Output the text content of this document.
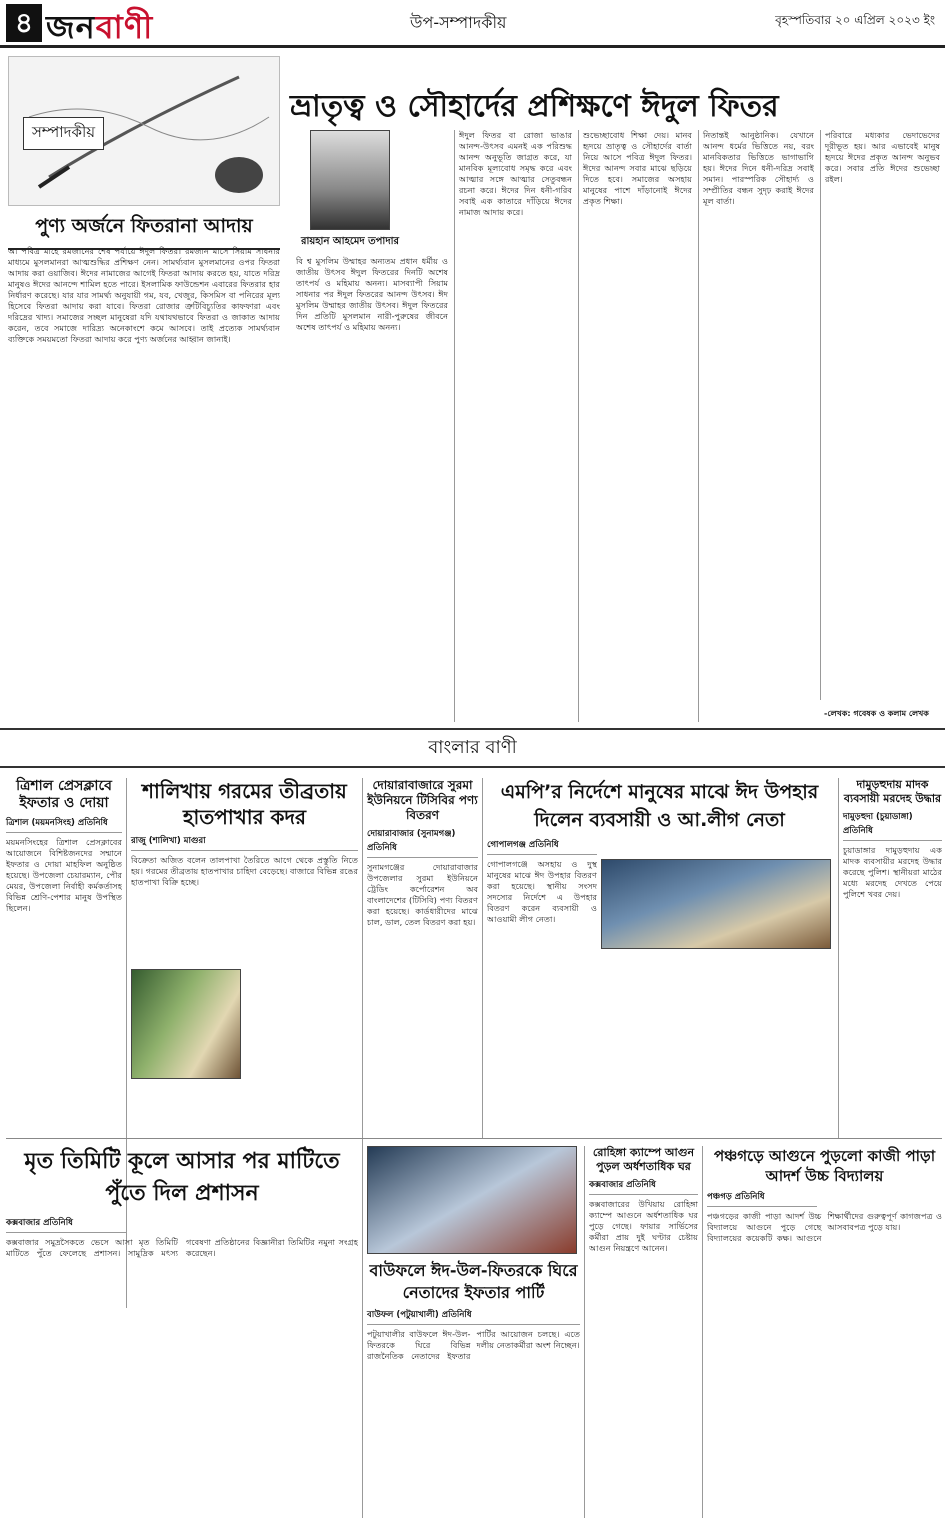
৪ জনবাণী	উপ-সম্পাদকীয়	বৃহস্পতিবার ২০ এপ্রিল ২০২৩ ইং
সম্পাদকীয়
পুণ্য অর্জনে ফিতরানা আদায়
আ পবিত্র মাহে রমজানের শেষ পর্যায়ে ঈদুল ফিতর। রমজান মাসে সিয়াম সাধনার মাধ্যমে মুসলমানরা আত্মশুদ্ধির প্রশিক্ষণ নেন। সামর্থ্যবান মুসলমানের ওপর ফিতরা আদায় করা ওয়াজিব। ঈদের নামাজের আগেই ফিতরা আদায় করতে হয়, যাতে দরিদ্র মানুষও ঈদের আনন্দে শামিল হতে পারে। ইসলামিক ফাউন্ডেশন এবারের ফিতরার হার নির্ধারণ করেছে। যার যার সামর্থ্য অনুযায়ী গম, যব, খেজুর, কিসমিস বা পনিরের মূল্য হিসেবে ফিতরা আদায় করা যাবে। ফিতরা রোজার ত্রুটিবিচ্যুতির কাফফারা এবং দরিদ্রের খাদ্য। সমাজের সচ্ছল মানুষেরা যদি যথাযথভাবে ফিতরা ও জাকাত আদায় করেন, তবে সমাজে দারিদ্র্য অনেকাংশে কমে আসবে। তাই প্রত্যেক সামর্থ্যবান ব্যক্তিকে সময়মতো ফিতরা আদায় করে পুণ্য অর্জনের আহ্বান জানাই।
ভ্রাতৃত্ব ও সৌহার্দের প্রশিক্ষণে ঈদুল ফিতর
রায়হান আহমেদ তপাদার
বি শ্ব মুসলিম উম্মাহর অন্যতম প্রধান ধর্মীয় ও জাতীয় উৎসব ঈদুল ফিতরের দিনটি অশেষ তাৎপর্য ও মহিমায় অনন্য। মাসব্যাপী সিয়াম সাধনার পর ঈদুল ফিতরের আনন্দ উৎসব। ঈদ মুসলিম উম্মাহর জাতীয় উৎসব। ঈদুল ফিতরের দিন প্রতিটি মুসলমান নারী-পুরুষের জীবনে অশেষ তাৎপর্য ও মহিমায় অনন্য।
ঈদুল ফিতর বা রোজা ভাঙার আনন্দ-উৎসব এমনই এক পরিশুদ্ধ আনন্দ অনুভূতি জাগ্রত করে, যা মানবিক মূল্যবোধ সমৃদ্ধ করে এবং আত্মার সঙ্গে আত্মার সেতুবন্ধন রচনা করে। ঈদের দিন ধনী-গরিব সবাই এক কাতারে দাঁড়িয়ে ঈদের নামাজ আদায় করে।
শুভেচ্ছাবোধ শিক্ষা দেয়। মানব হৃদয়ে ভ্রাতৃত্ব ও সৌহার্দের বার্তা নিয়ে আসে পবিত্র ঈদুল ফিতর। ঈদের আনন্দ সবার মাঝে ছড়িয়ে দিতে হবে। সমাজের অসহায় মানুষের পাশে দাঁড়ানোই ঈদের প্রকৃত শিক্ষা।
নিতান্তই আনুষ্ঠানিক। যেখানে আনন্দ ধর্মের ভিত্তিতে নয়, বরং মানবিকতার ভিত্তিতে ভাগাভাগি হয়। ঈদের দিনে ধনী-দরিদ্র সবাই সমান। পারস্পরিক সৌহার্দ্য ও সম্প্রীতির বন্ধন সুদৃঢ় করাই ঈদের মূল বার্তা।
পরিবারে মধ্যকার ভেদাভেদের দূরীভূত হয়। আর এভাবেই মানুষ হৃদয়ে ঈদের প্রকৃত আনন্দ অনুভব করে। সবার প্রতি ঈদের শুভেচ্ছা রইল।
-লেখক: গবেষক ও কলাম লেখক
বাংলার বাণী
ত্রিশাল প্রেসক্লাবে ইফতার ও দোয়া
ত্রিশাল (ময়মনসিংহ) প্রতিনিধি
ময়মনসিংহের ত্রিশাল প্রেসক্লাবের আয়োজনে বিশিষ্টজনদের সম্মানে ইফতার ও দোয়া মাহফিল অনুষ্ঠিত হয়েছে। উপজেলা চেয়ারম্যান, পৌর মেয়র, উপজেলা নির্বাহী কর্মকর্তাসহ বিভিন্ন শ্রেণি-পেশার মানুষ উপস্থিত ছিলেন।
শালিখায় গরমের তীব্রতায় হাতপাখার কদর
রাজু (শালিখা) মাগুরা
বিক্রেতা অজিত বলেন তালপাখা তৈরিতে আগে থেকে প্রস্তুতি নিতে হয়। গরমের তীব্রতায় হাতপাখার চাহিদা বেড়েছে। বাজারে বিভিন্ন রঙের হাতপাখা বিক্রি হচ্ছে।
দোয়ারাবাজারে সুরমা ইউনিয়নে টিসিবির পণ্য বিতরণ
দোয়ারাবাজার (সুনামগঞ্জ) প্রতিনিধি
সুনামগঞ্জের দোয়ারাবাজার উপজেলার সুরমা ইউনিয়নে ট্রেডিং কর্পোরেশন অব বাংলাদেশের (টিসিবি) পণ্য বিতরণ করা হয়েছে। কার্ডধারীদের মাঝে চাল, ডাল, তেল বিতরণ করা হয়।
এমপি’র নির্দেশে মানুষের মাঝে ঈদ উপহার দিলেন ব্যবসায়ী ও আ.লীগ নেতা
গোপালগঞ্জ প্রতিনিধি
গোপালগঞ্জে অসহায় ও দুস্থ মানুষের মাঝে ঈদ উপহার বিতরণ করা হয়েছে। স্থানীয় সংসদ সদস্যের নির্দেশে এ উপহার বিতরণ করেন ব্যবসায়ী ও আওয়ামী লীগ নেতা।
দামুড়হুদায় মাদক ব্যবসায়ী মরদেহ উদ্ধার
দামুড়হুদা (চুয়াডাঙ্গা) প্রতিনিধি
চুয়াডাঙ্গার দামুড়হুদায় এক মাদক ব্যবসায়ীর মরদেহ উদ্ধার করেছে পুলিশ। স্থানীয়রা মাঠের মধ্যে মরদেহ দেখতে পেয়ে পুলিশে খবর দেয়।
মৃত তিমিটি কূলে আসার পর মাটিতে পুঁতে দিল প্রশাসন
কক্সবাজার প্রতিনিধি
কক্সবাজার সমুদ্রসৈকতে ভেসে আসা মৃত তিমিটি মাটিতে পুঁতে ফেলেছে প্রশাসন। সামুদ্রিক মৎস্য গবেষণা প্রতিষ্ঠানের বিজ্ঞানীরা তিমিটির নমুনা সংগ্রহ করেছেন।
বাউফলে ঈদ-উল-ফিতরকে ঘিরে নেতাদের ইফতার পার্টি
বাউফল (পটুয়াখালী) প্রতিনিধি
পটুয়াখালীর বাউফলে ঈদ-উল-ফিতরকে ঘিরে বিভিন্ন রাজনৈতিক নেতাদের ইফতার পার্টির আয়োজন চলছে। এতে দলীয় নেতাকর্মীরা অংশ নিচ্ছেন।
রোহিঙ্গা ক্যাম্পে আগুন পুড়ল অর্ধশতাধিক ঘর
কক্সবাজার প্রতিনিধি
কক্সবাজারের উখিয়ায় রোহিঙ্গা ক্যাম্পে আগুনে অর্ধশতাধিক ঘর পুড়ে গেছে। ফায়ার সার্ভিসের কর্মীরা প্রায় দুই ঘণ্টার চেষ্টায় আগুন নিয়ন্ত্রণে আনেন।
পঞ্চগড়ে আগুনে পুড়লো কাজী পাড়া আদর্শ উচ্চ বিদ্যালয়
পঞ্চগড় প্রতিনিধি
পঞ্চগড়ের কাজী পাড়া আদর্শ উচ্চ বিদ্যালয়ে আগুনে পুড়ে গেছে বিদ্যালয়ের কয়েকটি কক্ষ। আগুনে শিক্ষার্থীদের গুরুত্বপূর্ণ কাগজপত্র ও আসবাবপত্র পুড়ে যায়।
